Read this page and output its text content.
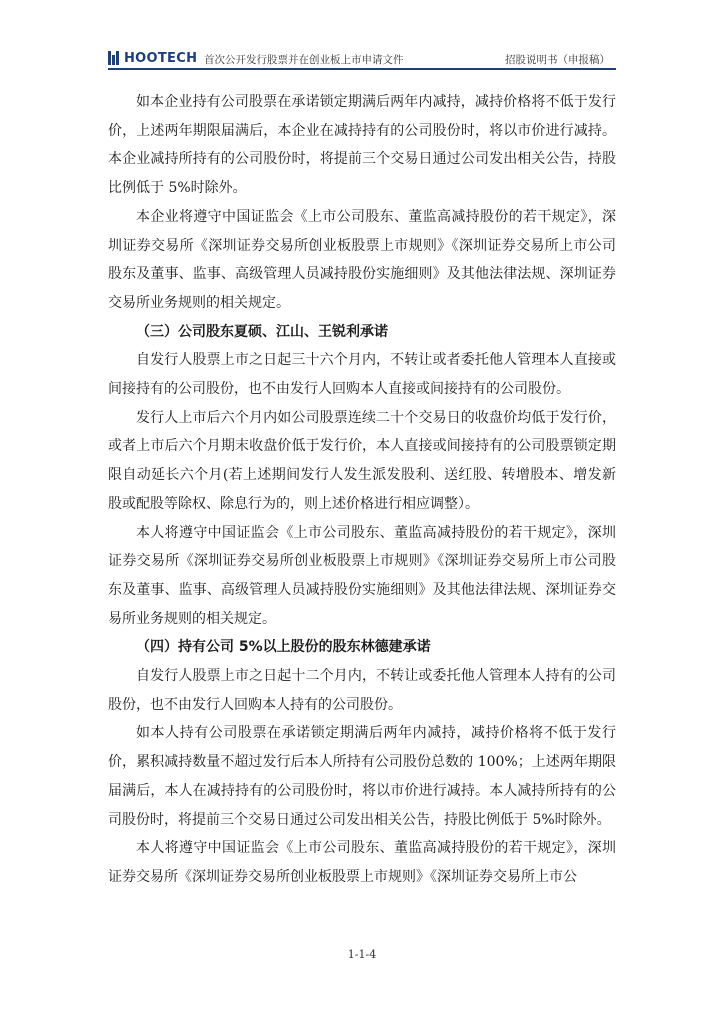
HOOTECH 首次公开发行股票并在创业板上市申请文件	招股说明书（申报稿）

如本企业持有公司股票在承诺锁定期满后两年内减持，减持价格将不低于发行价，上述两年期限届满后，本企业在减持持有的公司股份时，将以市价进行减持。本企业减持所持有的公司股份时，将提前三个交易日通过公司发出相关公告，持股比例低于 5%时除外。

本企业将遵守中国证监会《上市公司股东、董监高减持股份的若干规定》，深圳证券交易所《深圳证券交易所创业板股票上市规则》《深圳证券交易所上市公司股东及董事、监事、高级管理人员减持股份实施细则》及其他法律法规、深圳证券交易所业务规则的相关规定。

（三）公司股东夏硕、江山、王锐利承诺

自发行人股票上市之日起三十六个月内，不转让或者委托他人管理本人直接或间接持有的公司股份，也不由发行人回购本人直接或间接持有的公司股份。

发行人上市后六个月内如公司股票连续二十个交易日的收盘价均低于发行价，或者上市后六个月期末收盘价低于发行价，本人直接或间接持有的公司股票锁定期限自动延长六个月(若上述期间发行人发生派发股利、送红股、转增股本、增发新股或配股等除权、除息行为的，则上述价格进行相应调整）。

本人将遵守中国证监会《上市公司股东、董监高减持股份的若干规定》，深圳证券交易所《深圳证券交易所创业板股票上市规则》《深圳证券交易所上市公司股东及董事、监事、高级管理人员减持股份实施细则》及其他法律法规、深圳证券交易所业务规则的相关规定。

（四）持有公司 5%以上股份的股东林德建承诺

自发行人股票上市之日起十二个月内，不转让或委托他人管理本人持有的公司股份，也不由发行人回购本人持有的公司股份。

如本人持有公司股票在承诺锁定期满后两年内减持，减持价格将不低于发行价，累积减持数量不超过发行后本人所持有公司股份总数的 100%；上述两年期限届满后，本人在减持持有的公司股份时，将以市价进行减持。本人减持所持有的公司股份时，将提前三个交易日通过公司发出相关公告，持股比例低于 5%时除外。

本人将遵守中国证监会《上市公司股东、董监高减持股份的若干规定》，深圳证券交易所《深圳证券交易所创业板股票上市规则》《深圳证券交易所上市公

1-1-4
